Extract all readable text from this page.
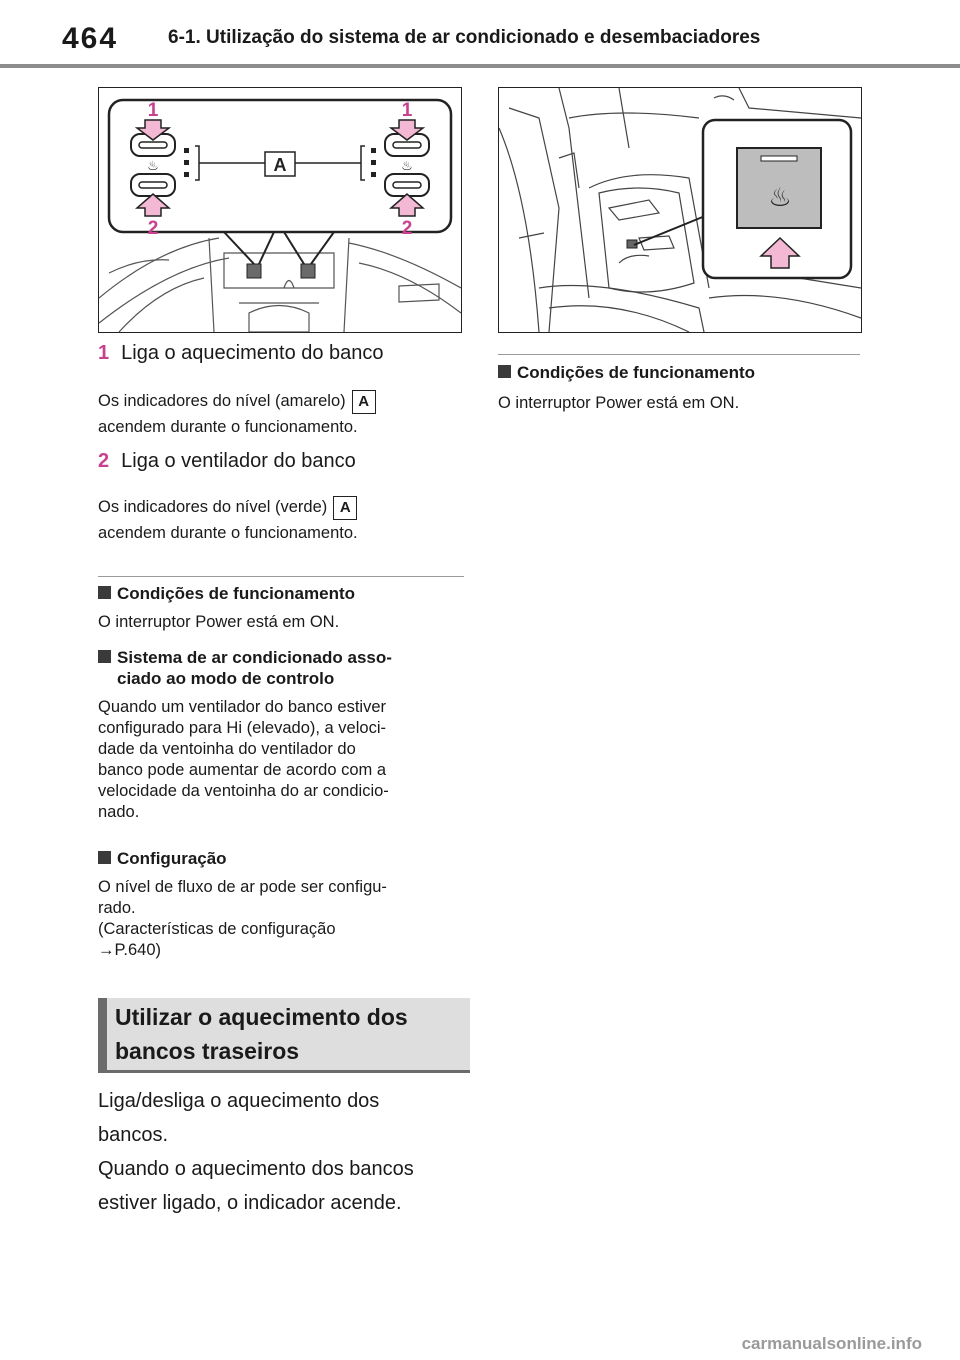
464	6-1. Utilização do sistema de ar condicionado e desembaciadores
♨	♨
A
1	1
2	2
♨
1 Liga o aquecimento do banco
Os indicadores do nível (amarelo) A
acendem durante o funcionamento.
2 Liga o ventilador do banco
Os indicadores do nível (verde) A
acendem durante o funcionamento.
Condições de funcionamento
O interruptor Power está em ON.
Sistema de ar condicionado asso-
ciado ao modo de controlo
Quando um ventilador do banco estiver
configurado para Hi (elevado), a veloci-
dade da ventoinha do ventilador do
banco pode aumentar de acordo com a
velocidade da ventoinha do ar condicio-
nado.
Configuração
O nível de fluxo de ar pode ser configu-
rado.
(Características de configuração
→P.640)
Utilizar o aquecimento dos
bancos traseiros
Liga/desliga o aquecimento dos
bancos.
Quando o aquecimento dos bancos
estiver ligado, o indicador acende.
Condições de funcionamento
O interruptor Power está em ON.
carmanualsonline.info
